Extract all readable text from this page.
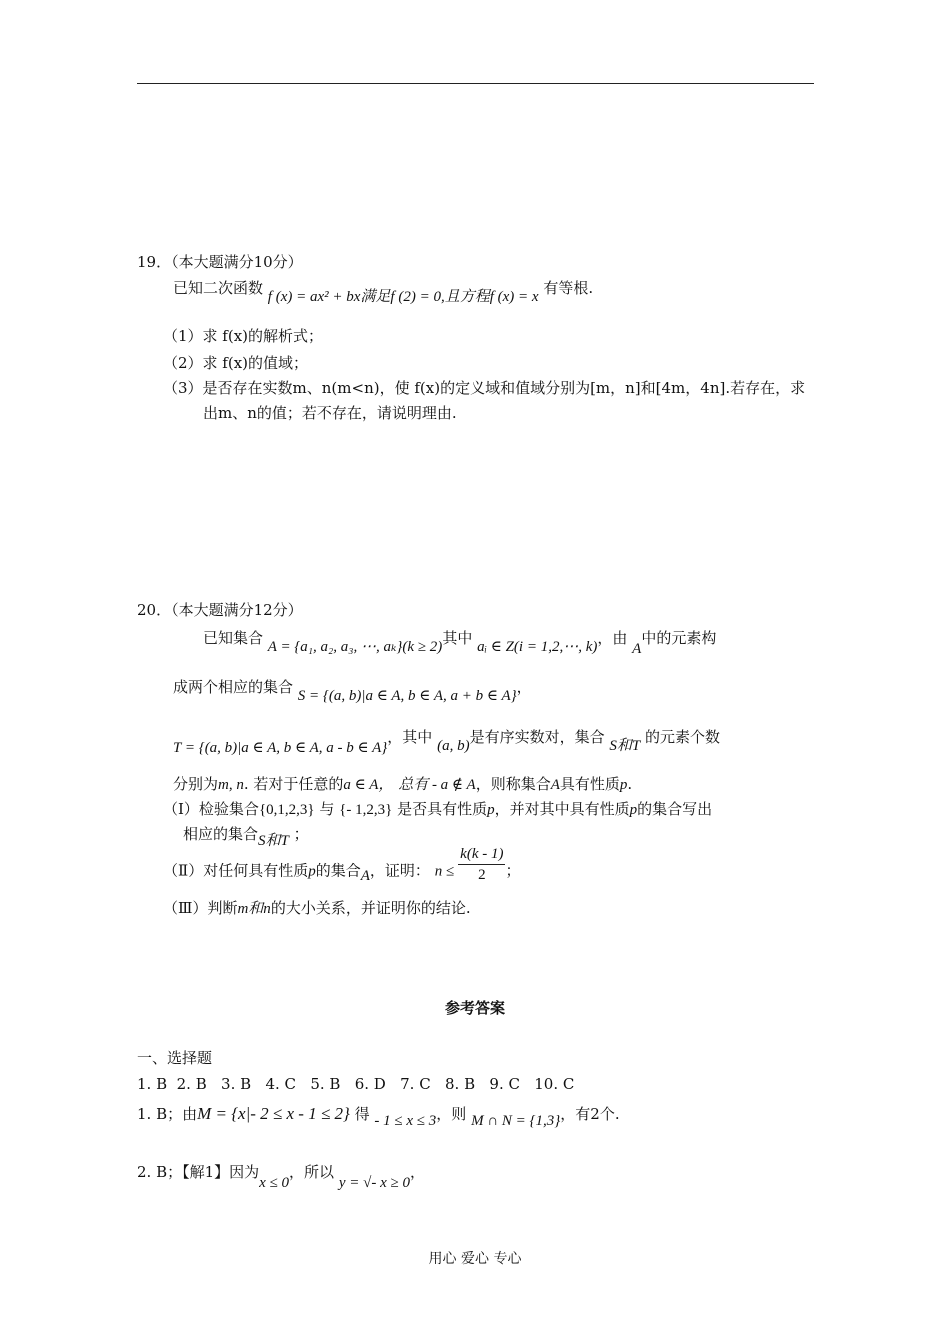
19．（本大题满分10分）
已知二次函数 f (x) = ax² + bx满足f (2) = 0,且方程f (x) = x 有等根.
（1）求 f(x)的解析式；
（2）求 f(x)的值域；
（3）是否存在实数m、n(m<n)，使 f(x)的定义域和值域分别为[m，n]和[4m，4n].若存在，求
出m、n的值；若不存在，请说明理由.
20．（本大题满分12分）
已知集合 A = {a₁, a₂, a₃, ⋯, aₖ}(k ≥ 2)其中 aᵢ ∈ Z(i = 1,2,⋯, k)，由 A中的元素构
成两个相应的集合 S = {(a, b)|a ∈ A, b ∈ A, a + b ∈ A}，
T = {(a, b)|a ∈ A, b ∈ A, a - b ∈ A}，其中 (a, b)是有序实数对，集合 S和T 的元素个数
分别为m, n. 若对于任意的a ∈ A， 总有 - a ∉ A，则称集合A具有性质p.
（Ⅰ）检验集合{0,1,2,3} 与 {- 1,2,3} 是否具有性质p，并对其中具有性质p的集合写出
相应的集合S和T ；
（Ⅱ）对任何具有性质p的集合A，证明： $n \le \frac{k(k - 1)}{2}$ ；
（Ⅲ）判断m和n的大小关系，并证明你的结论.
参考答案
一、选择题
1. B  2. B   3. B   4. C   5. B   6. D   7. C   8. B   9. C   10. C
1. B；由M = {x|- 2 ≤ x - 1 ≤ 2} 得 - 1 ≤ x ≤ 3，则 M ∩ N = {1,3}，有2个.
2. B；【解1】因为x ≤ 0，所以 y = √- x ≥ 0，
用心 爱心 专心
